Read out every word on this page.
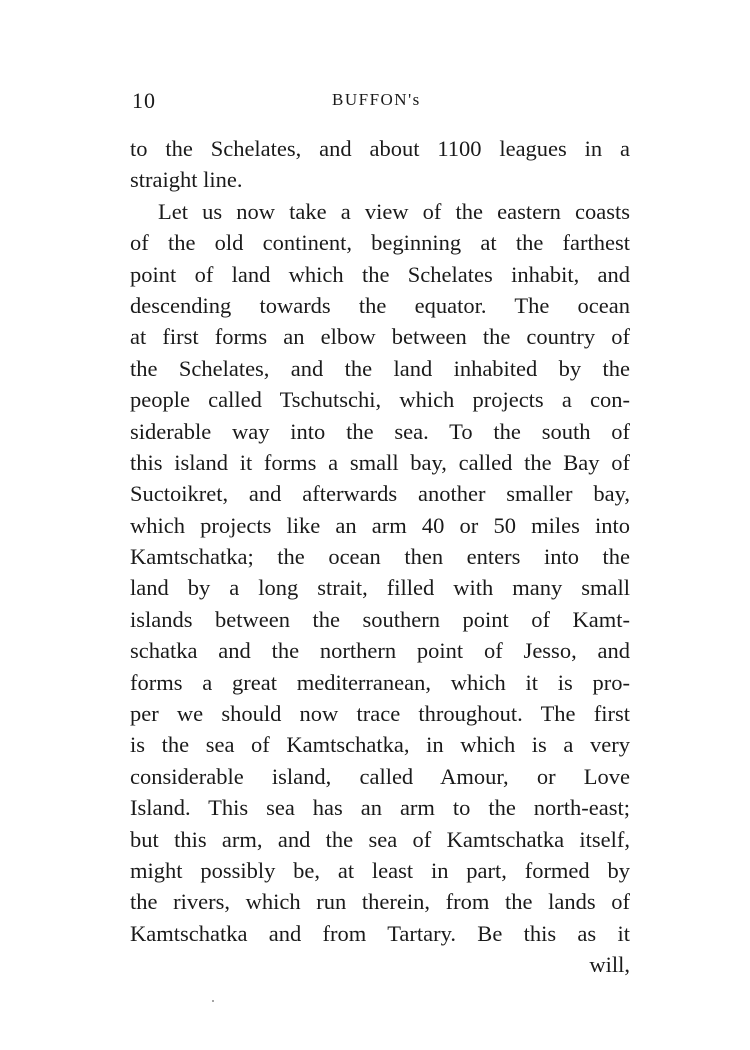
10	BUFFON's
to the Schelates, and about 1100 leagues in a
straight line.
Let us now take a view of the eastern coasts
of the old continent, beginning at the farthest
point of land which the Schelates inhabit, and
descending towards the equator. The ocean
at first forms an elbow between the country of
the Schelates, and the land inhabited by the
people called Tschutschi, which projects a con-
siderable way into the sea. To the south of
this island it forms a small bay, called the Bay of
Suctoikret, and afterwards another smaller bay,
which projects like an arm 40 or 50 miles into
Kamtschatka; the ocean then enters into the
land by a long strait, filled with many small
islands between the southern point of Kamt-
schatka and the northern point of Jesso, and
forms a great mediterranean, which it is pro-
per we should now trace throughout. The first
is the sea of Kamtschatka, in which is a very
considerable island, called Amour, or Love
Island. This sea has an arm to the north-east;
but this arm, and the sea of Kamtschatka itself,
might possibly be, at least in part, formed by
the rivers, which run therein, from the lands of
Kamtschatka and from Tartary. Be this as it
will,
